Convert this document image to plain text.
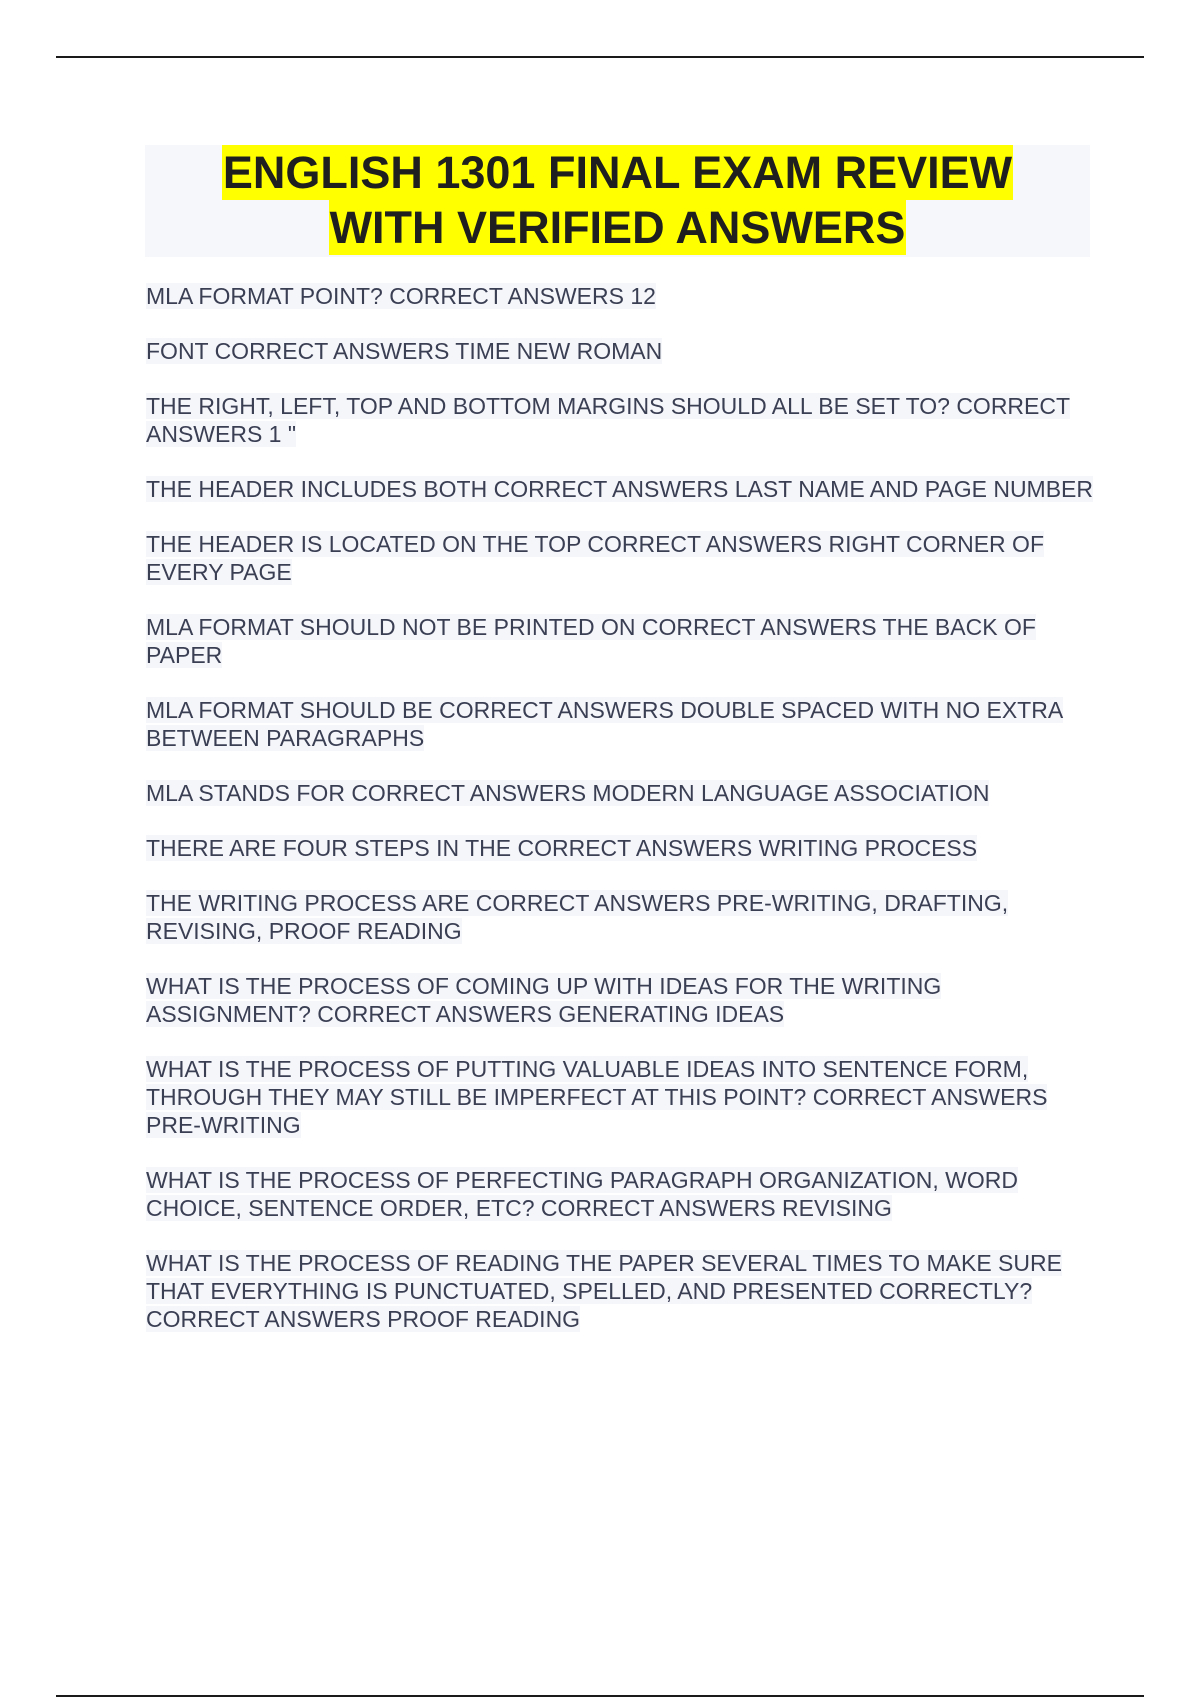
ENGLISH 1301 FINAL EXAM REVIEW
WITH VERIFIED ANSWERS
MLA FORMAT POINT? CORRECT ANSWERS 12
FONT CORRECT ANSWERS TIME NEW ROMAN
THE RIGHT, LEFT, TOP AND BOTTOM MARGINS SHOULD ALL BE SET TO? CORRECT ANSWERS 1 "
THE HEADER INCLUDES BOTH CORRECT ANSWERS LAST NAME AND PAGE NUMBER
THE HEADER IS LOCATED ON THE TOP CORRECT ANSWERS RIGHT CORNER OF EVERY PAGE
MLA FORMAT SHOULD NOT BE PRINTED ON CORRECT ANSWERS THE BACK OF PAPER
MLA FORMAT SHOULD BE CORRECT ANSWERS DOUBLE SPACED WITH NO EXTRA BETWEEN PARAGRAPHS
MLA STANDS FOR CORRECT ANSWERS MODERN LANGUAGE ASSOCIATION
THERE ARE FOUR STEPS IN THE CORRECT ANSWERS WRITING PROCESS
THE WRITING PROCESS ARE CORRECT ANSWERS PRE-WRITING, DRAFTING, REVISING, PROOF READING
WHAT IS THE PROCESS OF COMING UP WITH IDEAS FOR THE WRITING ASSIGNMENT? CORRECT ANSWERS GENERATING IDEAS
WHAT IS THE PROCESS OF PUTTING VALUABLE IDEAS INTO SENTENCE FORM, THROUGH THEY MAY STILL BE IMPERFECT AT THIS POINT? CORRECT ANSWERS PRE-WRITING
WHAT IS THE PROCESS OF PERFECTING PARAGRAPH ORGANIZATION, WORD CHOICE, SENTENCE ORDER, ETC? CORRECT ANSWERS REVISING
WHAT IS THE PROCESS OF READING THE PAPER SEVERAL TIMES TO MAKE SURE THAT EVERYTHING IS PUNCTUATED, SPELLED, AND PRESENTED CORRECTLY? CORRECT ANSWERS PROOF READING
